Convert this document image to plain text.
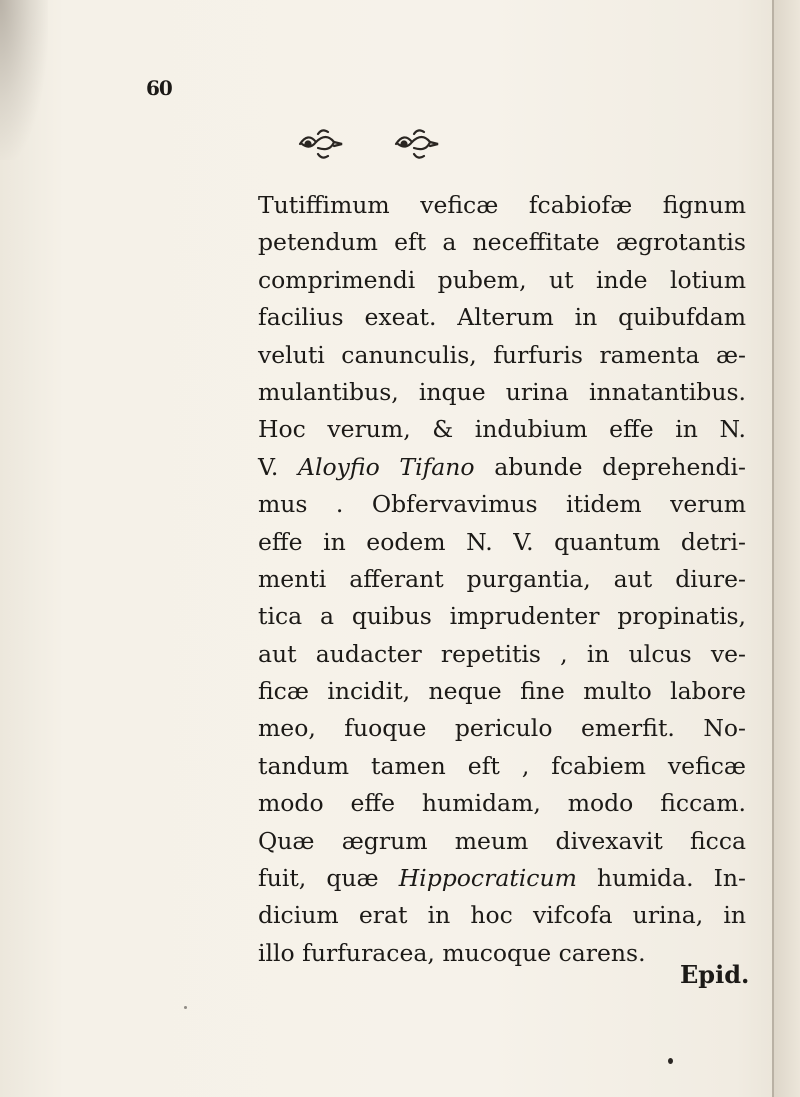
60
Tutiffimum veficæ fcabiofæ fignum
petendum eft a neceffitate ægrotantis
comprimendi pubem, ut inde lotium
facilius exeat. Alterum in quibufdam
veluti canunculis, furfuris ramenta æ-
mulantibus, inque urina innatantibus.
Hoc verum, & indubium effe in N.
V. Aloyfio Tifano abunde deprehendi-
mus . Obfervavimus itidem verum
effe in eodem N. V. quantum detri-
menti afferant purgantia, aut diure-
tica a quibus imprudenter propinatis,
aut audacter repetitis , in ulcus ve-
ficæ incidit, neque fine multo labore
meo, fuoque periculo emerfit. No-
tandum tamen eft , fcabiem veficæ
modo effe humidam, modo ficcam.
Quæ ægrum meum divexavit ficca
fuit, quæ Hippocraticum humida. In-
dicium erat in hoc vifcofa urina, in
illo furfuracea, mucoque carens.
Epid.
